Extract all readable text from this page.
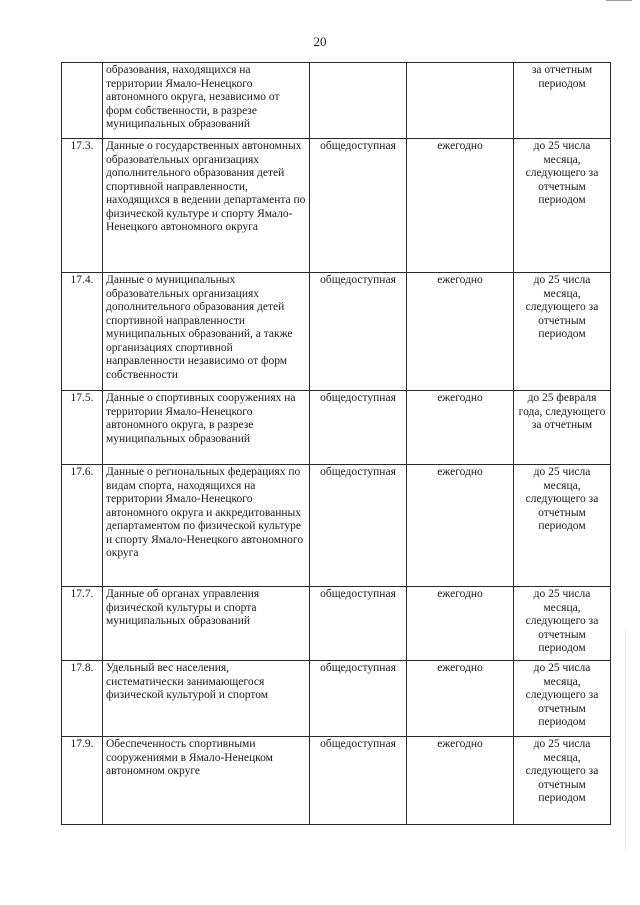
20
	образования, находящихся на территории Ямало-Ненецкого автономного округа, независимо от форм собственности, в разрезе муниципальных образований			за отчетным периодом
17.3.	Данные о государственных автономных образовательных организациях дополнительного образования детей спортивной направленности, находящихся в ведении департамента по физической культуре и спорту Ямало-Ненецкого автономного округа	общедоступная	ежегодно	до 25 числа месяца, следующего за отчетным периодом
17.4.	Данные о муниципальных образовательных организациях дополнительного образования детей спортивной направленности муниципальных образований, а также организациях спортивной направленности независимо от форм собственности	общедоступная	ежегодно	до 25 числа месяца, следующего за отчетным периодом
17.5.	Данные о спортивных сооружениях на территории Ямало-Ненецкого автономного округа, в разрезе муниципальных образований	общедоступная	ежегодно	до 25 февраля года, следующего за отчетным
17.6.	Данные о региональных федерациях по видам спорта, находящихся на территории Ямало-Ненецкого автономного округа и аккредитованных департаментом по физической культуре и спорту Ямало-Ненецкого автономного округа	общедоступная	ежегодно	до 25 числа месяца, следующего за отчетным периодом
17.7.	Данные об органах управления физической культуры и спорта муниципальных образований	общедоступная	ежегодно	до 25 числа месяца, следующего за отчетным периодом
17.8.	Удельный вес населения, систематически занимающегося физической культурой и спортом	общедоступная	ежегодно	до 25 числа месяца, следующего за отчетным периодом
17.9.	Обеспеченность спортивными сооружениями в Ямало-Ненецком автономном округе	общедоступная	ежегодно	до 25 числа месяца, следующего за отчетным периодом
